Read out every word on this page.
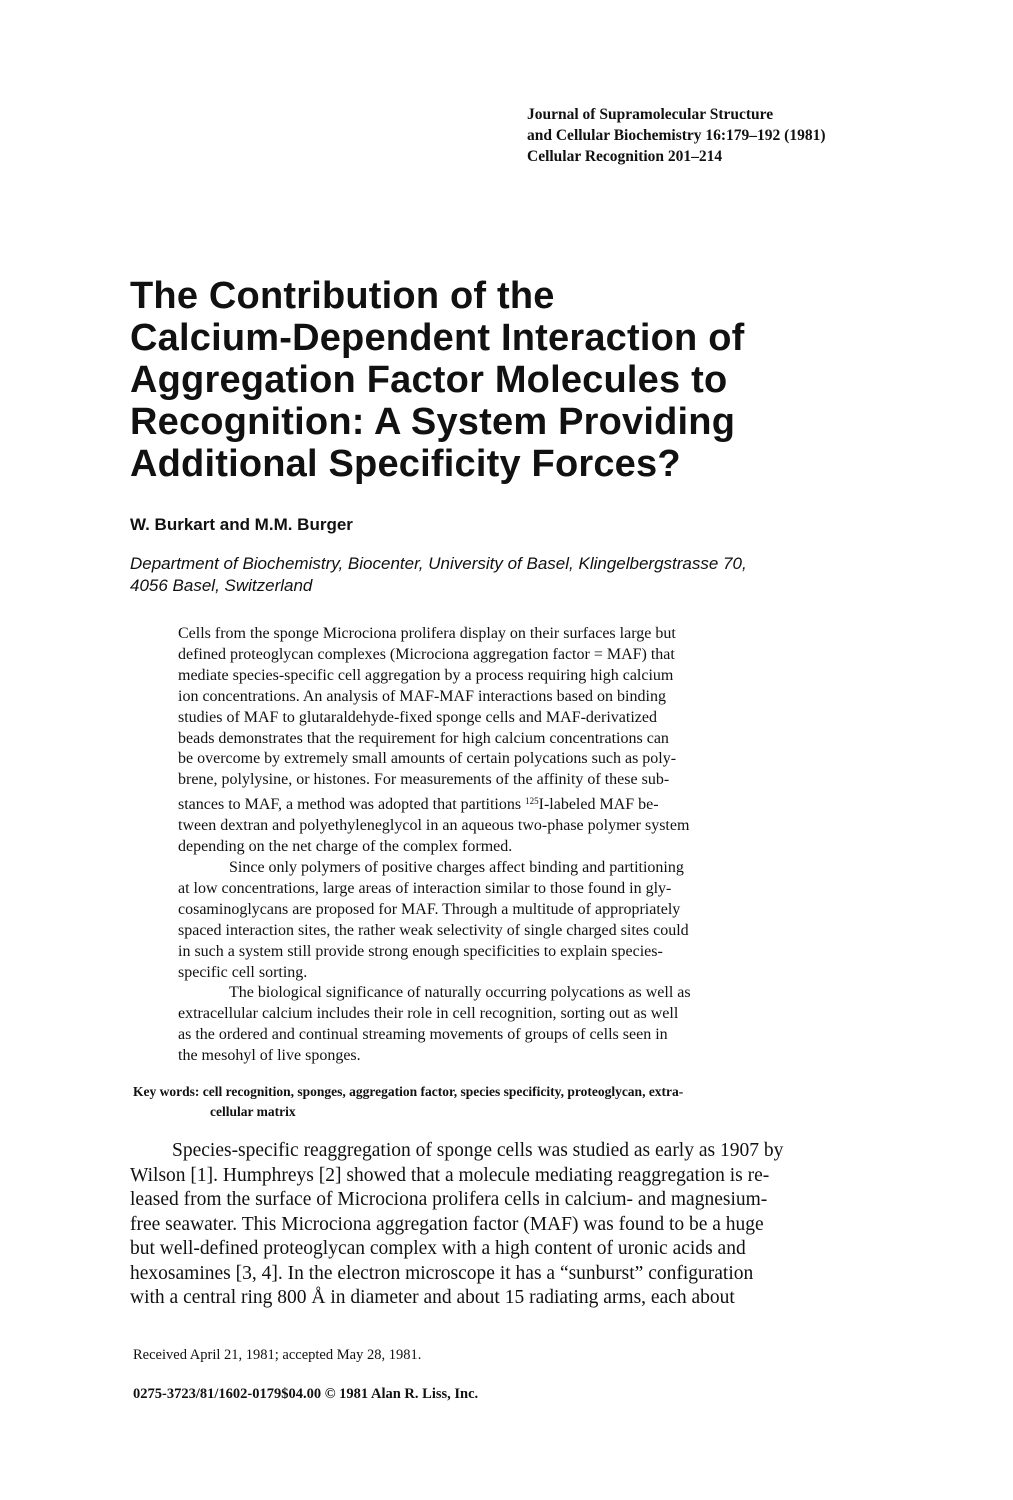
Journal of Supramolecular Structure
and Cellular Biochemistry 16:179–192 (1981)
Cellular Recognition 201–214
The Contribution of the
Calcium-Dependent Interaction of
Aggregation Factor Molecules to
Recognition: A System Providing
Additional Specificity Forces?
W. Burkart and M.M. Burger
Department of Biochemistry, Biocenter, University of Basel, Klingelbergstrasse 70,
4056 Basel, Switzerland
Cells from the sponge Microciona prolifera display on their surfaces large but
defined proteoglycan complexes (Microciona aggregation factor = MAF) that
mediate species-specific cell aggregation by a process requiring high calcium
ion concentrations. An analysis of MAF-MAF interactions based on binding
studies of MAF to glutaraldehyde-fixed sponge cells and MAF-derivatized
beads demonstrates that the requirement for high calcium concentrations can
be overcome by extremely small amounts of certain polycations such as poly-
brene, polylysine, or histones. For measurements of the affinity of these sub-
stances to MAF, a method was adopted that partitions $^{125}$I-labeled MAF be-
tween dextran and polyethyleneglycol in an aqueous two-phase polymer system
depending on the net charge of the complex formed.
Since only polymers of positive charges affect binding and partitioning
at low concentrations, large areas of interaction similar to those found in gly-
cosaminoglycans are proposed for MAF. Through a multitude of appropriately
spaced interaction sites, the rather weak selectivity of single charged sites could
in such a system still provide strong enough specificities to explain species-
specific cell sorting.
The biological significance of naturally occurring polycations as well as
extracellular calcium includes their role in cell recognition, sorting out as well
as the ordered and continual streaming movements of groups of cells seen in
the mesohyl of live sponges.
Key words: cell recognition, sponges, aggregation factor, species specificity, proteoglycan, extra-
cellular matrix
Species-specific reaggregation of sponge cells was studied as early as 1907 by
Wilson [1]. Humphreys [2] showed that a molecule mediating reaggregation is re-
leased from the surface of Microciona prolifera cells in calcium- and magnesium-
free seawater. This Microciona aggregation factor (MAF) was found to be a huge
but well-defined proteoglycan complex with a high content of uronic acids and
hexosamines [3, 4]. In the electron microscope it has a “sunburst” configuration
with a central ring 800 Å in diameter and about 15 radiating arms, each about
Received April 21, 1981; accepted May 28, 1981.
0275-3723/81/1602-0179$04.00 © 1981 Alan R. Liss, Inc.
